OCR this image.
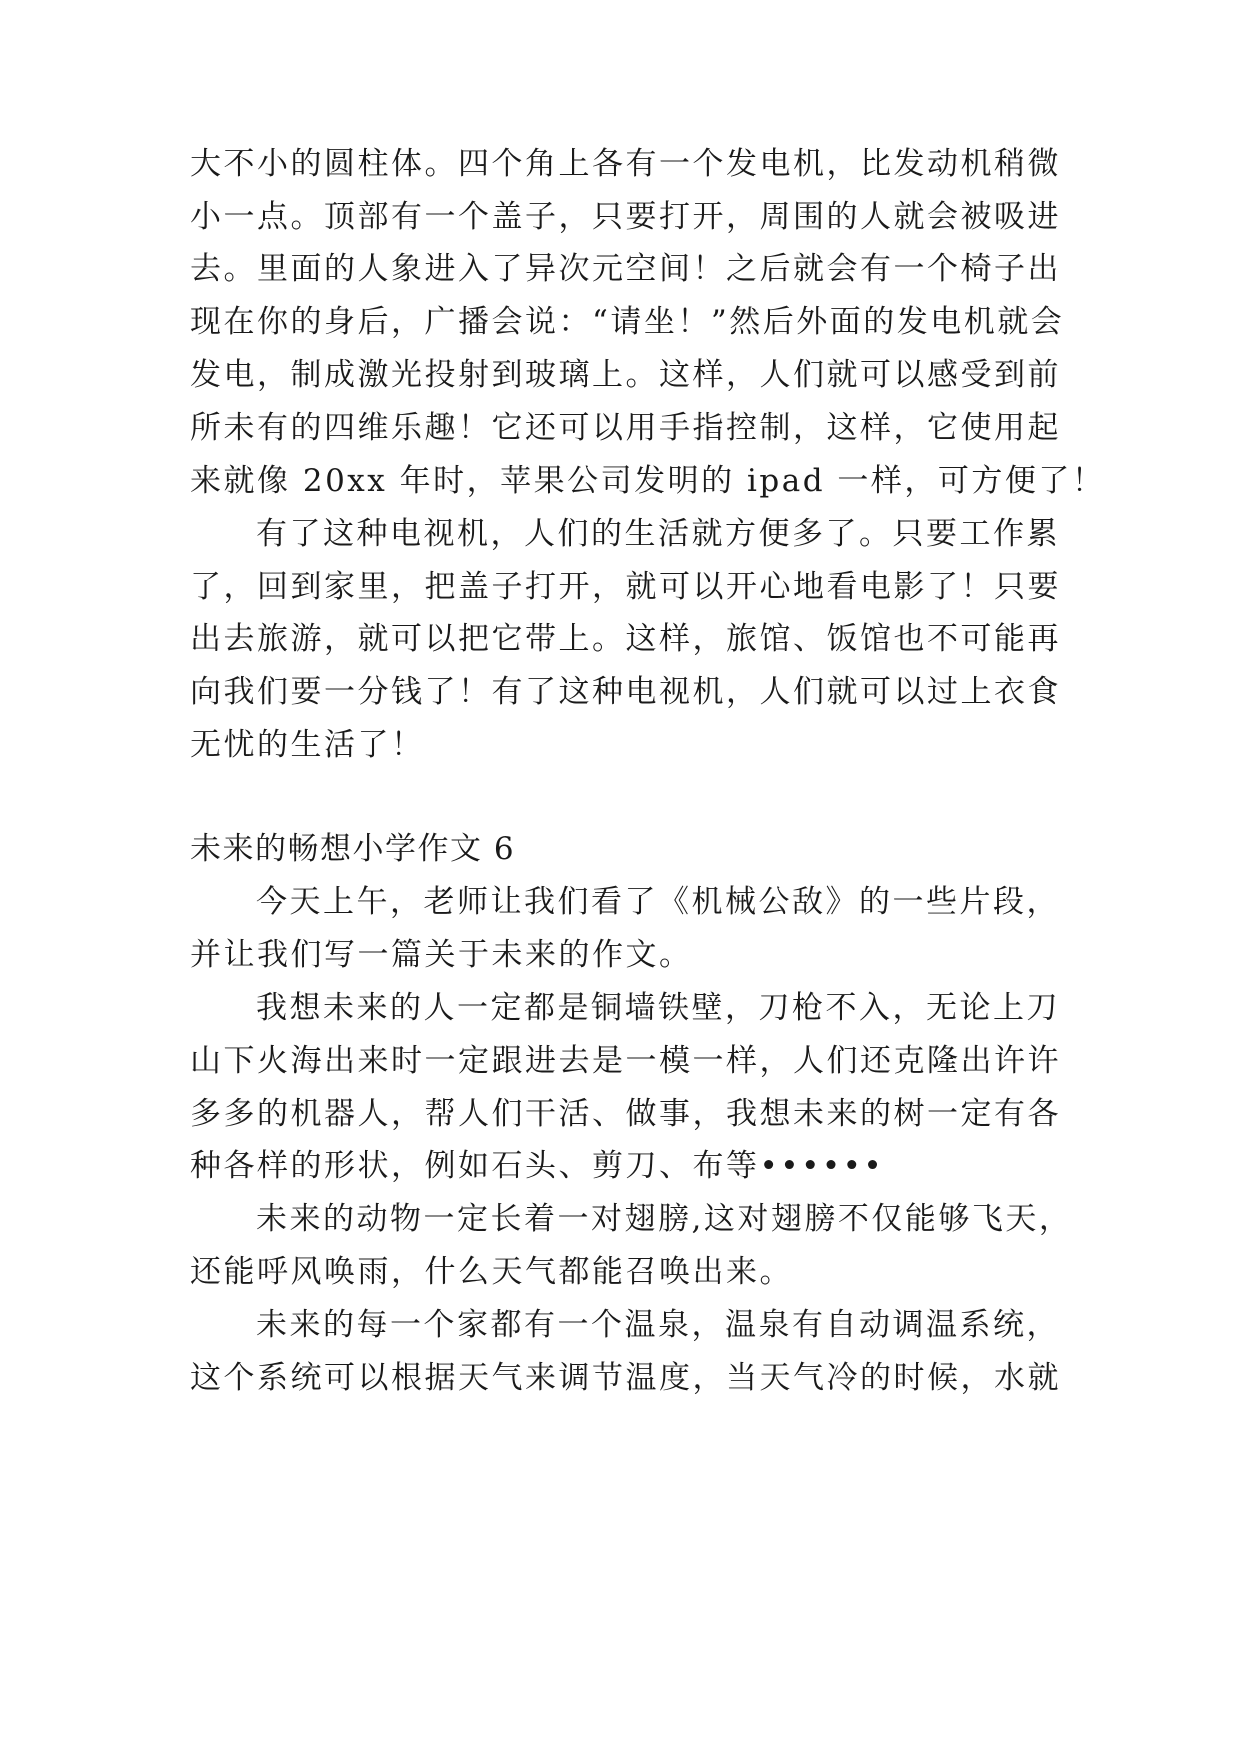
大不小的圆柱体。四个角上各有一个发电机，比发动机稍微
小一点。顶部有一个盖子，只要打开，周围的人就会被吸进
去。里面的人象进入了异次元空间！之后就会有一个椅子出
现在你的身后，广播会说：“请坐！”然后外面的发电机就会
发电，制成激光投射到玻璃上。这样，人们就可以感受到前
所未有的四维乐趣！它还可以用手指控制，这样，它使用起
来就像 20xx 年时，苹果公司发明的 ipad 一样，可方便了！
有了这种电视机，人们的生活就方便多了。只要工作累
了，回到家里，把盖子打开，就可以开心地看电影了！只要
出去旅游，就可以把它带上。这样，旅馆、饭馆也不可能再
向我们要一分钱了！有了这种电视机，人们就可以过上衣食
无忧的生活了！
未来的畅想小学作文 6
今天上午，老师让我们看了《机械公敌》的一些片段，
并让我们写一篇关于未来的作文。
我想未来的人一定都是铜墙铁壁，刀枪不入，无论上刀
山下火海出来时一定跟进去是一模一样，人们还克隆出许许
多多的机器人，帮人们干活、做事，我想未来的树一定有各
种各样的形状，例如石头、剪刀、布等••••••
未来的动物一定长着一对翅膀,这对翅膀不仅能够飞天，
还能呼风唤雨，什么天气都能召唤出来。
未来的每一个家都有一个温泉，温泉有自动调温系统，
这个系统可以根据天气来调节温度，当天气冷的时候，水就
